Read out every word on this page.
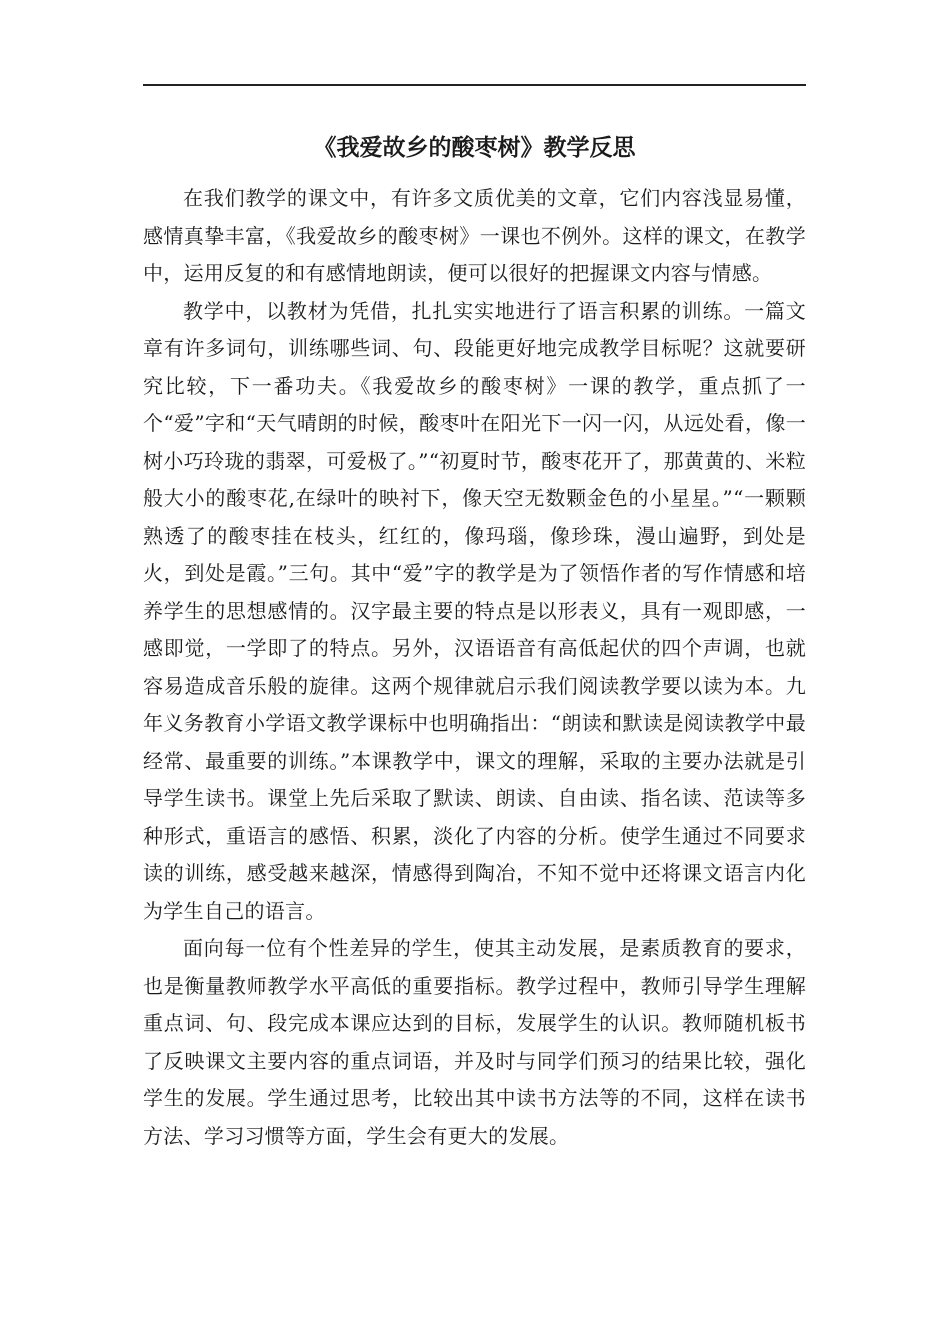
《我爱故乡的酸枣树》教学反思

在我们教学的课文中，有许多文质优美的文章，它们内容浅显易懂，感情真挚丰富，《我爱故乡的酸枣树》一课也不例外。这样的课文，在教学中，运用反复的和有感情地朗读，便可以很好的把握课文内容与情感。

教学中，以教材为凭借，扎扎实实地进行了语言积累的训练。一篇文章有许多词句，训练哪些词、句、段能更好地完成教学目标呢？这就要研究比较，下一番功夫。《我爱故乡的酸枣树》一课的教学，重点抓了一个“爱”字和“天气晴朗的时候，酸枣叶在阳光下一闪一闪，从远处看，像一树小巧玲珑的翡翠，可爱极了。”“初夏时节，酸枣花开了，那黄黄的、米粒般大小的酸枣花,在绿叶的映衬下，像天空无数颗金色的小星星。”“一颗颗熟透了的酸枣挂在枝头，红红的，像玛瑙，像珍珠，漫山遍野，到处是火，到处是霞。”三句。其中“爱”字的教学是为了领悟作者的写作情感和培养学生的思想感情的。汉字最主要的特点是以形表义，具有一观即感，一感即觉，一学即了的特点。另外，汉语语音有高低起伏的四个声调，也就容易造成音乐般的旋律。这两个规律就启示我们阅读教学要以读为本。九年义务教育小学语文教学课标中也明确指出：“朗读和默读是阅读教学中最经常、最重要的训练。”本课教学中，课文的理解，采取的主要办法就是引导学生读书。课堂上先后采取了默读、朗读、自由读、指名读、范读等多种形式，重语言的感悟、积累，淡化了内容的分析。使学生通过不同要求读的训练，感受越来越深，情感得到陶冶，不知不觉中还将课文语言内化为学生自己的语言。

面向每一位有个性差异的学生，使其主动发展，是素质教育的要求，也是衡量教师教学水平高低的重要指标。教学过程中，教师引导学生理解重点词、句、段完成本课应达到的目标，发展学生的认识。教师随机板书了反映课文主要内容的重点词语，并及时与同学们预习的结果比较，强化学生的发展。学生通过思考，比较出其中读书方法等的不同，这样在读书方法、学习习惯等方面，学生会有更大的发展。
